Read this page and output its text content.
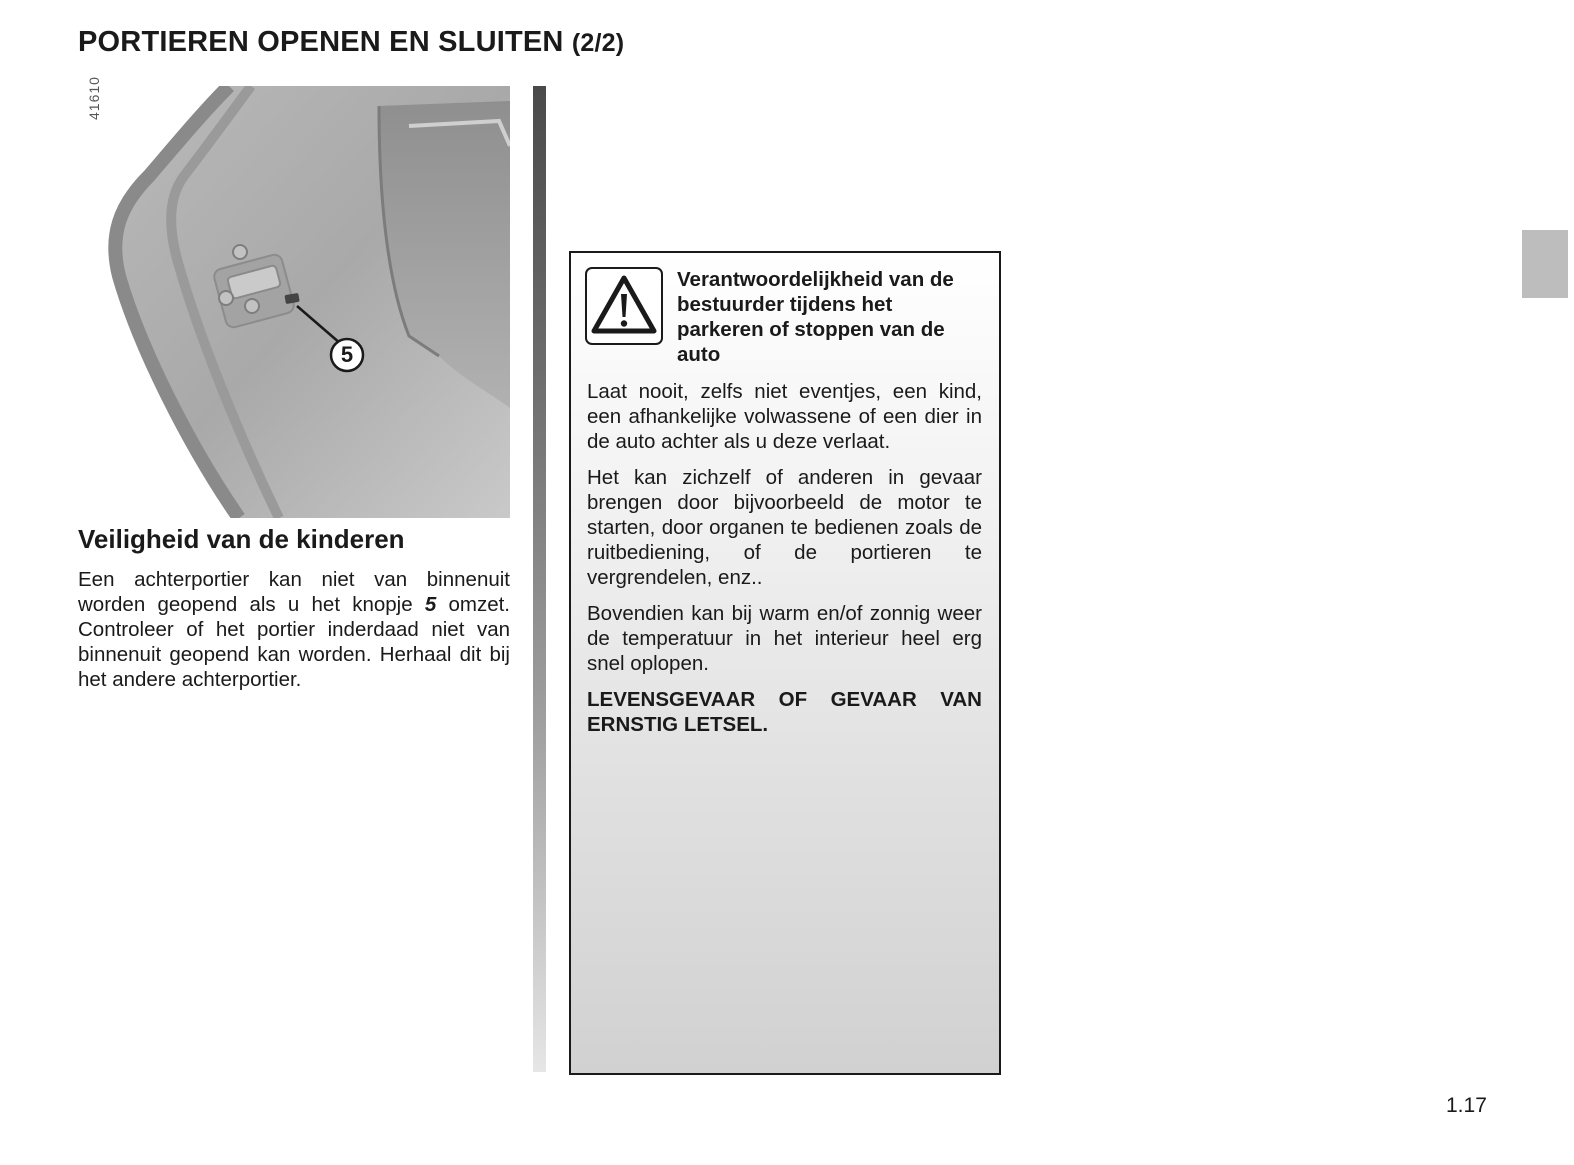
PORTIEREN OPENEN EN SLUITEN (2/2)
5
41610
Veiligheid van de kinderen

Een achterportier kan niet van binnenuit worden geopend als u het knopje 5 omzet. Controleer of het portier inderdaad niet van binnenuit geopend kan worden. Herhaal dit bij het andere achterportier.

Verantwoordelijkheid van de bestuurder tijdens het parkeren of stoppen van de auto

Laat nooit, zelfs niet eventjes, een kind, een afhankelijke volwassene of een dier in de auto achter als u deze verlaat.

Het kan zichzelf of anderen in gevaar brengen door bijvoorbeeld de motor te starten, door organen te bedienen zoals de ruitbediening, of de portieren te vergrendelen, enz..

Bovendien kan bij warm en/of zonnig weer de temperatuur in het interieur heel erg snel oplopen.

LEVENSGEVAAR OF GEVAAR VAN ERNSTIG LETSEL.

1.17
